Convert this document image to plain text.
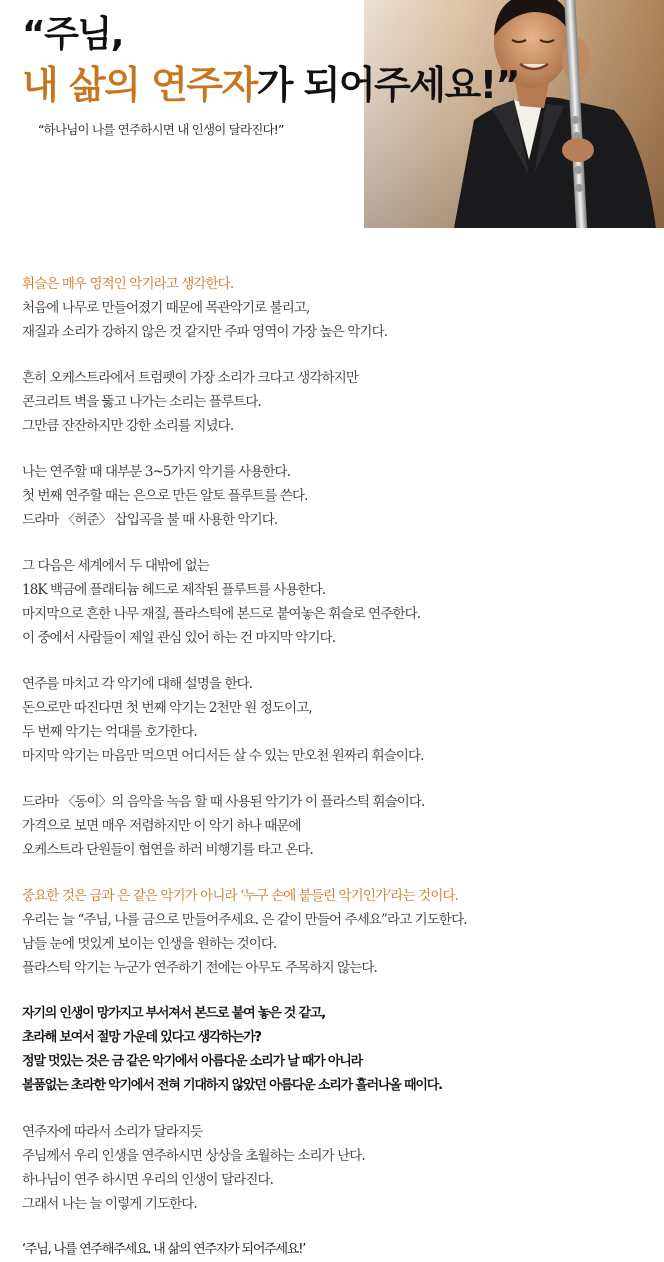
“주님,
내 삶의 연주자가 되어주세요!”
“하나님이 나를 연주하시면 내 인생이 달라진다!”
휘슬은 매우 영적인 악기라고 생각한다.
처음에 나무로 만들어졌기 때문에 목관악기로 불리고,
재질과 소리가 강하지 않은 것 같지만 주파 영역이 가장 높은 악기다.
흔히 오케스트라에서 트럼펫이 가장 소리가 크다고 생각하지만
콘크리트 벽을 뚫고 나가는 소리는 플루트다.
그만큼 잔잔하지만 강한 소리를 지녔다.
나는 연주할 때 대부분 3~5가지 악기를 사용한다.
첫 번째 연주할 때는 은으로 만든 알토 플루트를 쓴다.
드라마 〈허준〉 삽입곡을 불 때 사용한 악기다.
그 다음은 세계에서 두 대밖에 없는
18K 백금에 플래티늄 헤드로 제작된 플루트를 사용한다.
마지막으로 흔한 나무 재질, 플라스틱에 본드로 붙여놓은 휘슬로 연주한다.
이 중에서 사람들이 제일 관심 있어 하는 건 마지막 악기다.
연주를 마치고 각 악기에 대해 설명을 한다.
돈으로만 따진다면 첫 번째 악기는 2천만 원 정도이고,
두 번째 악기는 억대를 호가한다.
마지막 악기는 마음만 먹으면 어디서든 살 수 있는 만오천 원짜리 휘슬이다.
드라마 〈동이〉의 음악을 녹음 할 때 사용된 악기가 이 플라스틱 휘슬이다.
가격으로 보면 매우 저렴하지만 이 악기 하나 때문에
오케스트라 단원들이 협연을 하러 비행기를 타고 온다.
중요한 것은 금과 은 같은 악기가 아니라 ‘누구 손에 붙들린 악기인가’라는 것이다.
우리는 늘 “주님, 나를 금으로 만들어주세요. 은 같이 만들어 주세요”라고 기도한다.
남들 눈에 멋있게 보이는 인생을 원하는 것이다.
플라스틱 악기는 누군가 연주하기 전에는 아무도 주목하지 않는다.
자기의 인생이 망가지고 부서져서 본드로 붙여 놓은 것 같고,
초라해 보여서 절망 가운데 있다고 생각하는가?
정말 멋있는 것은 금 같은 악기에서 아름다운 소리가 날 때가 아니라
볼품없는 초라한 악기에서 전혀 기대하지 않았던 아름다운 소리가 흘러나올 때이다.
연주자에 따라서 소리가 달라지듯
주님께서 우리 인생을 연주하시면 상상을 초월하는 소리가 난다.
하나님이 연주 하시면 우리의 인생이 달라진다.
그래서 나는 늘 이렇게 기도한다.
‘주님, 나를 연주해주세요. 내 삶의 연주자가 되어주세요!’
